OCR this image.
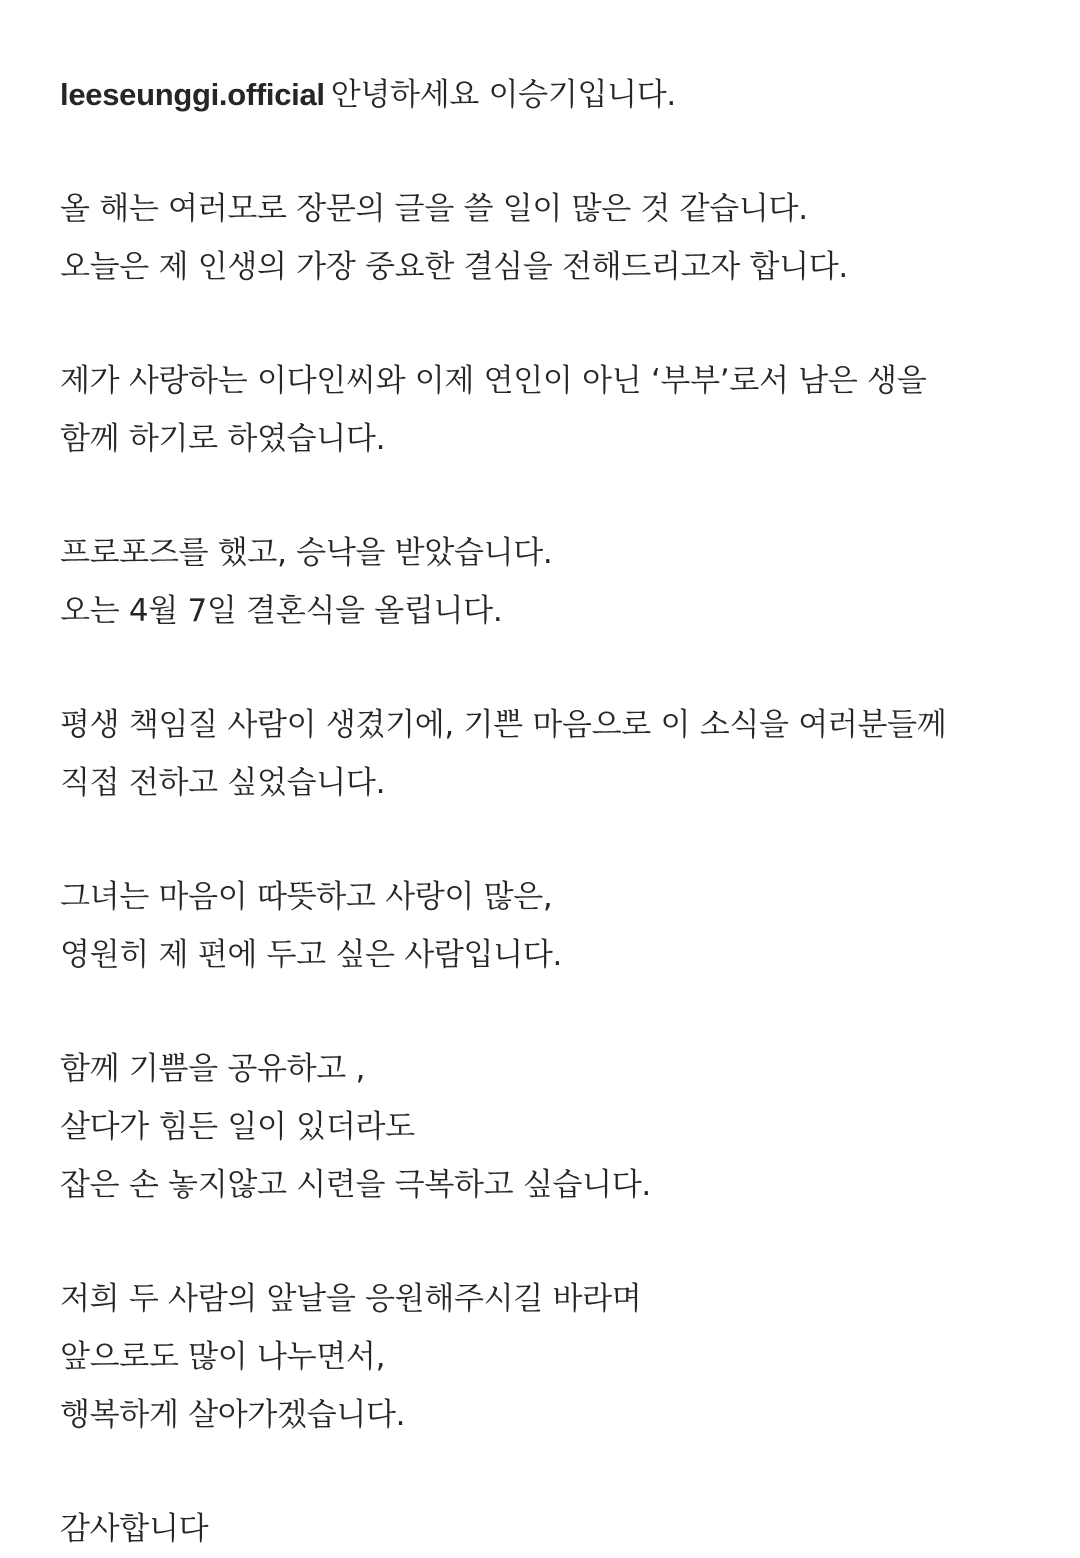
leeseunggi.official 안녕하세요 이승기입니다.

올 해는 여러모로 장문의 글을 쓸 일이 많은 것 같습니다.
오늘은 제 인생의 가장 중요한 결심을 전해드리고자 합니다.

제가 사랑하는 이다인씨와 이제 연인이 아닌 ‘부부’로서 남은 생을
함께 하기로 하였습니다.

프로포즈를 했고, 승낙을 받았습니다.
오는 4월 7일 결혼식을 올립니다.

평생 책임질 사람이 생겼기에, 기쁜 마음으로 이 소식을 여러분들께
직접 전하고 싶었습니다.

그녀는 마음이 따뜻하고 사랑이 많은,
영원히 제 편에 두고 싶은 사람입니다.

함께 기쁨을 공유하고 ,
살다가 힘든 일이 있더라도
잡은 손 놓지않고 시련을 극복하고 싶습니다.

저희 두 사람의 앞날을 응원해주시길 바라며
앞으로도 많이 나누면서,
행복하게 살아가겠습니다.

감사합니다
